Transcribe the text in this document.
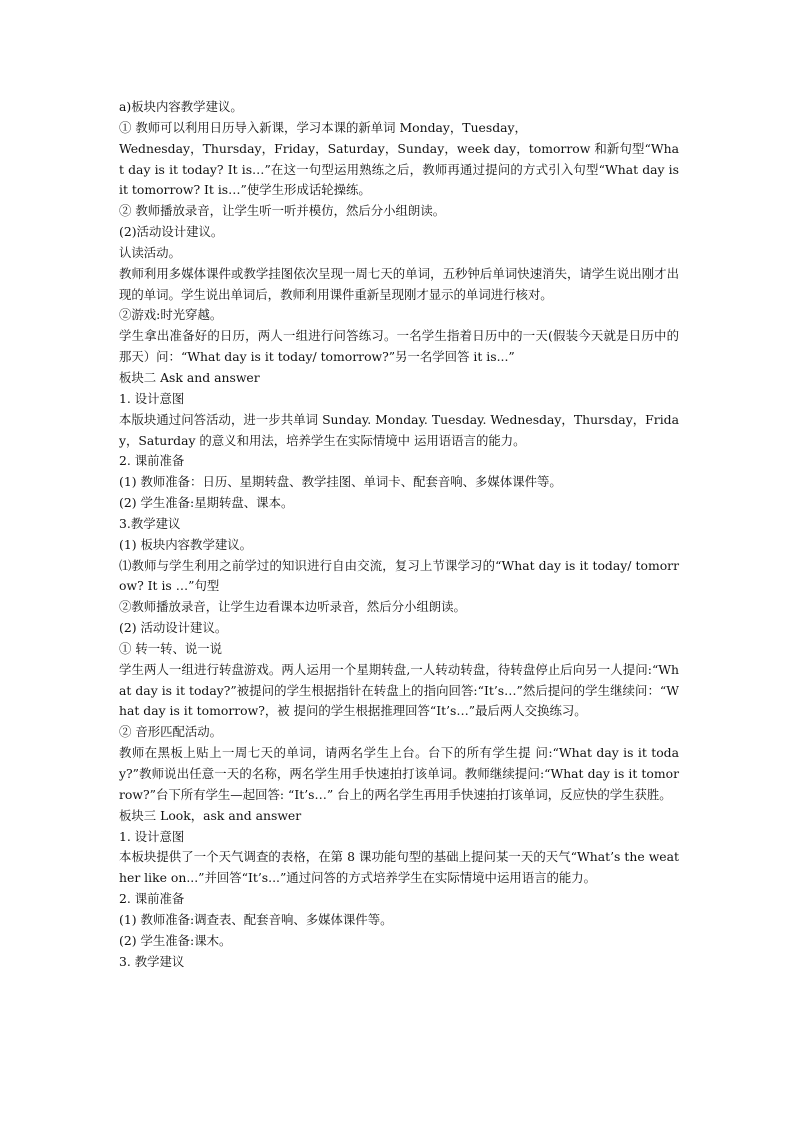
a)板块内容教学建议。

① 教师可以利用日历导入新课，学习本课的新单词 Monday，Tuesday，

Wednesday，Thursday，Friday，Saturday，Sunday，week day，tomorrow 和新句型“What day is it today? It is…”在这一句型运用熟练之后，教师再通过提问的方式引入句型“What day is it tomorrow? It is…”使学生形成话轮操练。

② 教师播放录音，让学生听一听并模仿，然后分小组朗读。

(2)活动设计建议。

认读活动。

教师利用多媒体课件或教学挂图依次呈现一周七天的单词，五秒钟后单词快速消失，请学生说出刚才出现的单词。学生说出单词后，教师利用课件重新呈现刚才显示的单词进行核对。

②游戏:时光穿越。

学生拿出准备好的日历，两人一组进行问答练习。一名学生指着日历中的一天(假装今天就是日历中的那天）问：“What day is it today/ tomorrow?”另一名学回答 it is...”

板块二 Ask and answer

1. 设计意图

本版块通过问答活动，进一步共单词 Sunday. Monday. Tuesday. Wednesday，Thursday，Friday，Saturday 的意义和用法，培养学生在实际情境中 运用语语言的能力。

2. 课前准备

(1) 教师准备：日历、星期转盘、教学挂图、单词卡、配套音响、多媒体课件等。

(2) 学生准备:星期转盘、课本。

3.教学建议

(1) 板块内容教学建议。

⑴教师与学生利用之前学过的知识进行自由交流，复习上节课学习的“What day is it today/ tomorrow? It is …”句型

②教师播放录音，让学生边看课本边听录音，然后分小组朗读。

(2) 活动设计建议。

① 转一转、说一说

学生两人一组进行转盘游戏。两人运用一个星期转盘,一人转动转盘，待转盘停止后向另一人提问:“What day is it today?”被提问的学生根据指针在转盘上的指向回答:“It’s…”然后提问的学生继续问：“What day is it tomorrow?，被 提问的学生根据推理回答“It’s…”最后两人交换练习。

② 音形匹配活动。

教师在黑板上贴上一周七天的单词，请两名学生上台。台下的所有学生提 问:“What day is it today?”教师说出任意一天的名称，两名学生用手快速拍打该单词。教师继续提问:“What day is it tomorrow?”台下所有学生—起回答: “It’s…” 台上的两名学生再用手快速拍打该单词，反应快的学生获胜。

板块三 Look，ask and answer

1. 设计意图

本板块提供了一个天气调查的表格，在第 8 课功能句型的基础上提问某一天的天气“What’s the weather like on...”并回答“It’s...”通过问答的方式培养学生在实际情境中运用语言的能力。

2. 课前准备

(1) 教师准备:调查表、配套音响、多媒体课件等。

(2) 学生准备:课木。

3. 教学建议
